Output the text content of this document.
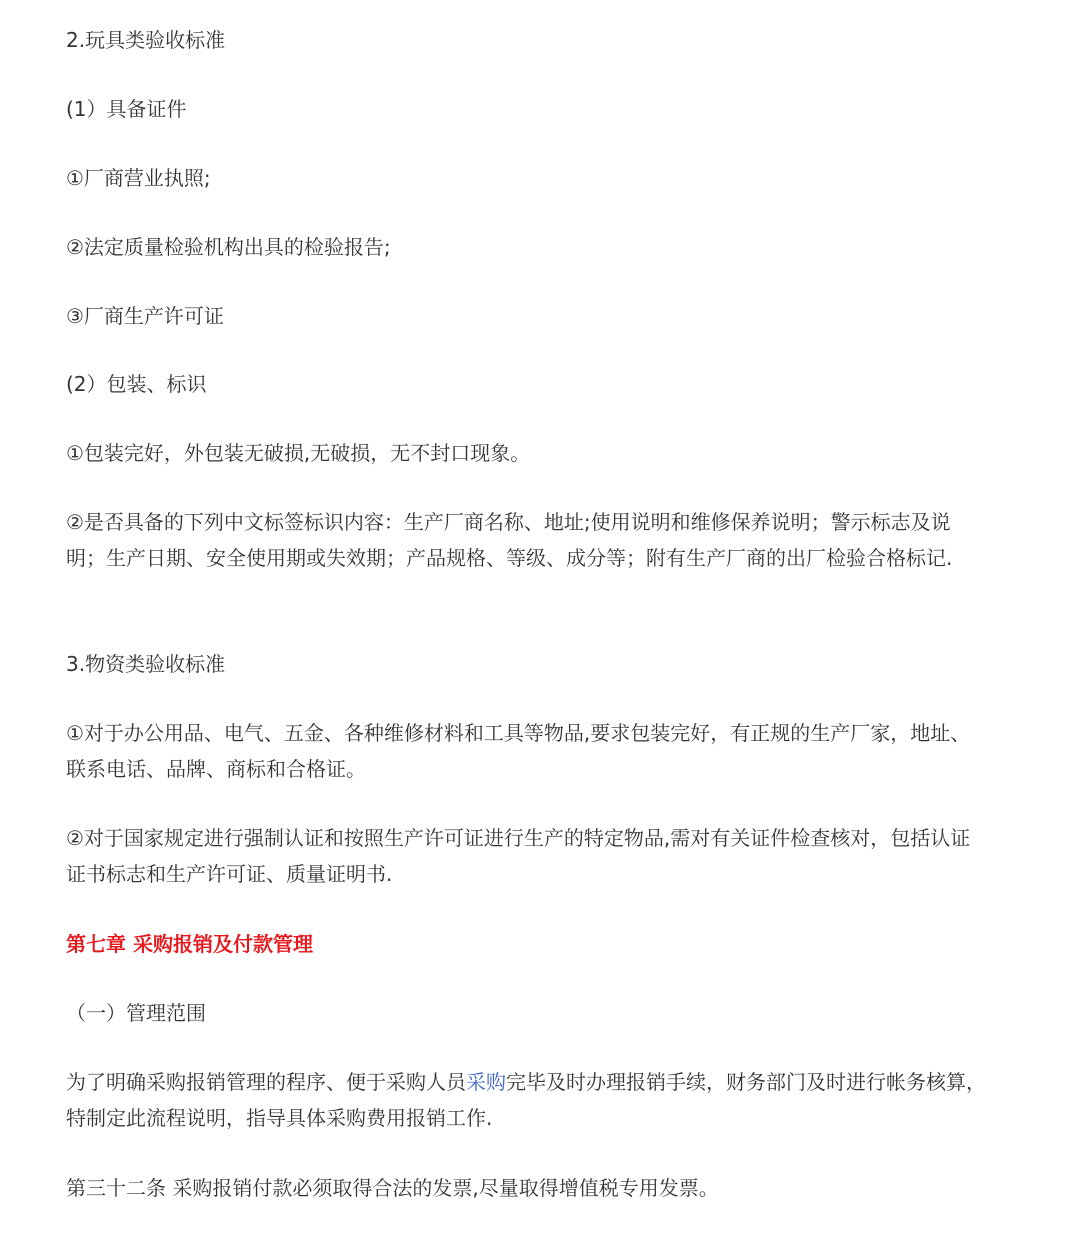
2.玩具类验收标准

(1）具备证件

①厂商营业执照;

②法定质量检验机构出具的检验报告;

③厂商生产许可证

(2）包装、标识

①包装完好，外包装无破损,无破损，无不封口现象。

②是否具备的下列中文标签标识内容：生产厂商名称、地址;使用说明和维修保养说明；警示标志及说明；生产日期、安全使用期或失效期；产品规格、等级、成分等；附有生产厂商的出厂检验合格标记.

3.物资类验收标准

①对于办公用品、电气、五金、各种维修材料和工具等物品,要求包装完好，有正规的生产厂家，地址、联系电话、品牌、商标和合格证。

②对于国家规定进行强制认证和按照生产许可证进行生产的特定物品,需对有关证件检查核对，包括认证证书标志和生产许可证、质量证明书.

第七章 采购报销及付款管理

（一）管理范围

为了明确采购报销管理的程序、便于采购人员采购完毕及时办理报销手续，财务部门及时进行帐务核算，特制定此流程说明，指导具体采购费用报销工作.

第三十二条 采购报销付款必须取得合法的发票,尽量取得增值税专用发票。
